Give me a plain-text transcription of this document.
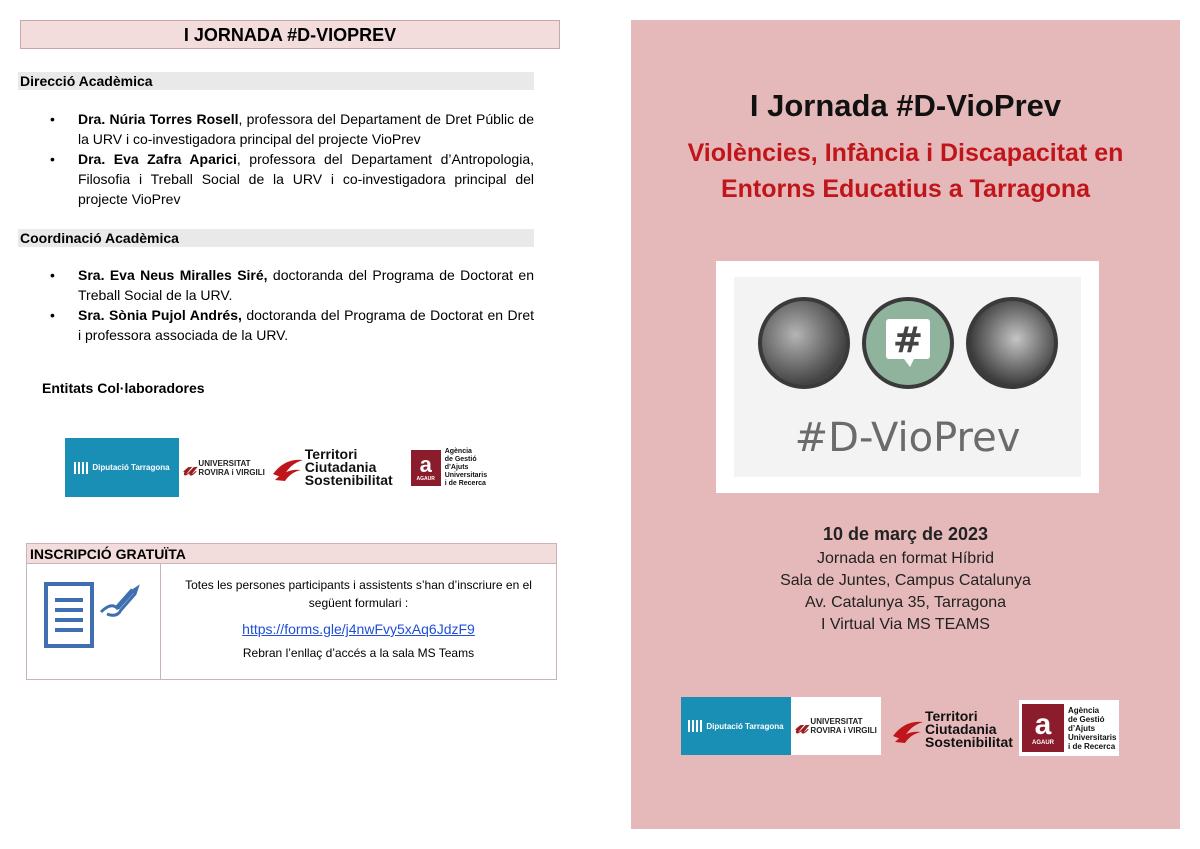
I JORNADA #D-VIOPREV
Direcció Acadèmica
• Dra. Núria Torres Rosell, professora del Departament de Dret Públic de la URV i co-investigadora principal del projecte VioPrev
• Dra. Eva Zafra Aparici, professora del Departament d’Antropologia, Filosofia i Treball Social de la URV i co-investigadora principal del projecte VioPrev
Coordinació Acadèmica
• Sra. Eva Neus Miralles Siré, doctoranda del Programa de Doctorat en Treball Social de la URV.
• Sra. Sònia Pujol Andrés, doctoranda del Programa de Doctorat en Dret i professora associada de la URV.
Entitats Col·laboradores
Diputació Tarragona 𝓊 UNIVERSITAT
ROVIRA i VIRGILI
Territori
Ciutadania
Sostenibilitat
a
AGAUR
Agència
de Gestió
d’Ajuts
Universitaris
i de Recerca
INSCRIPCIÓ GRATUÏTA
Totes les persones participants i assistents s’han d’inscriure en el següent formulari :
https://forms.gle/j4nwFvy5xAq6JdzF9
Rebran l’enllaç d’accés a la sala MS Teams
I Jornada #D-VioPrev
Violències, Infància i Discapacitat en
Entorns Educatius a Tarragona
#
#D-VioPrev
10 de març de 2023
Jornada en format Híbrid
Sala de Juntes, Campus Catalunya
Av. Catalunya 35, Tarragona
I Virtual Via MS TEAMS
Diputació Tarragona 𝓊 UNIVERSITAT
ROVIRA i VIRGILI
Territori
Ciutadania
Sostenibilitat
a
AGAUR
Agència
de Gestió
d’Ajuts
Universitaris
i de Recerca
